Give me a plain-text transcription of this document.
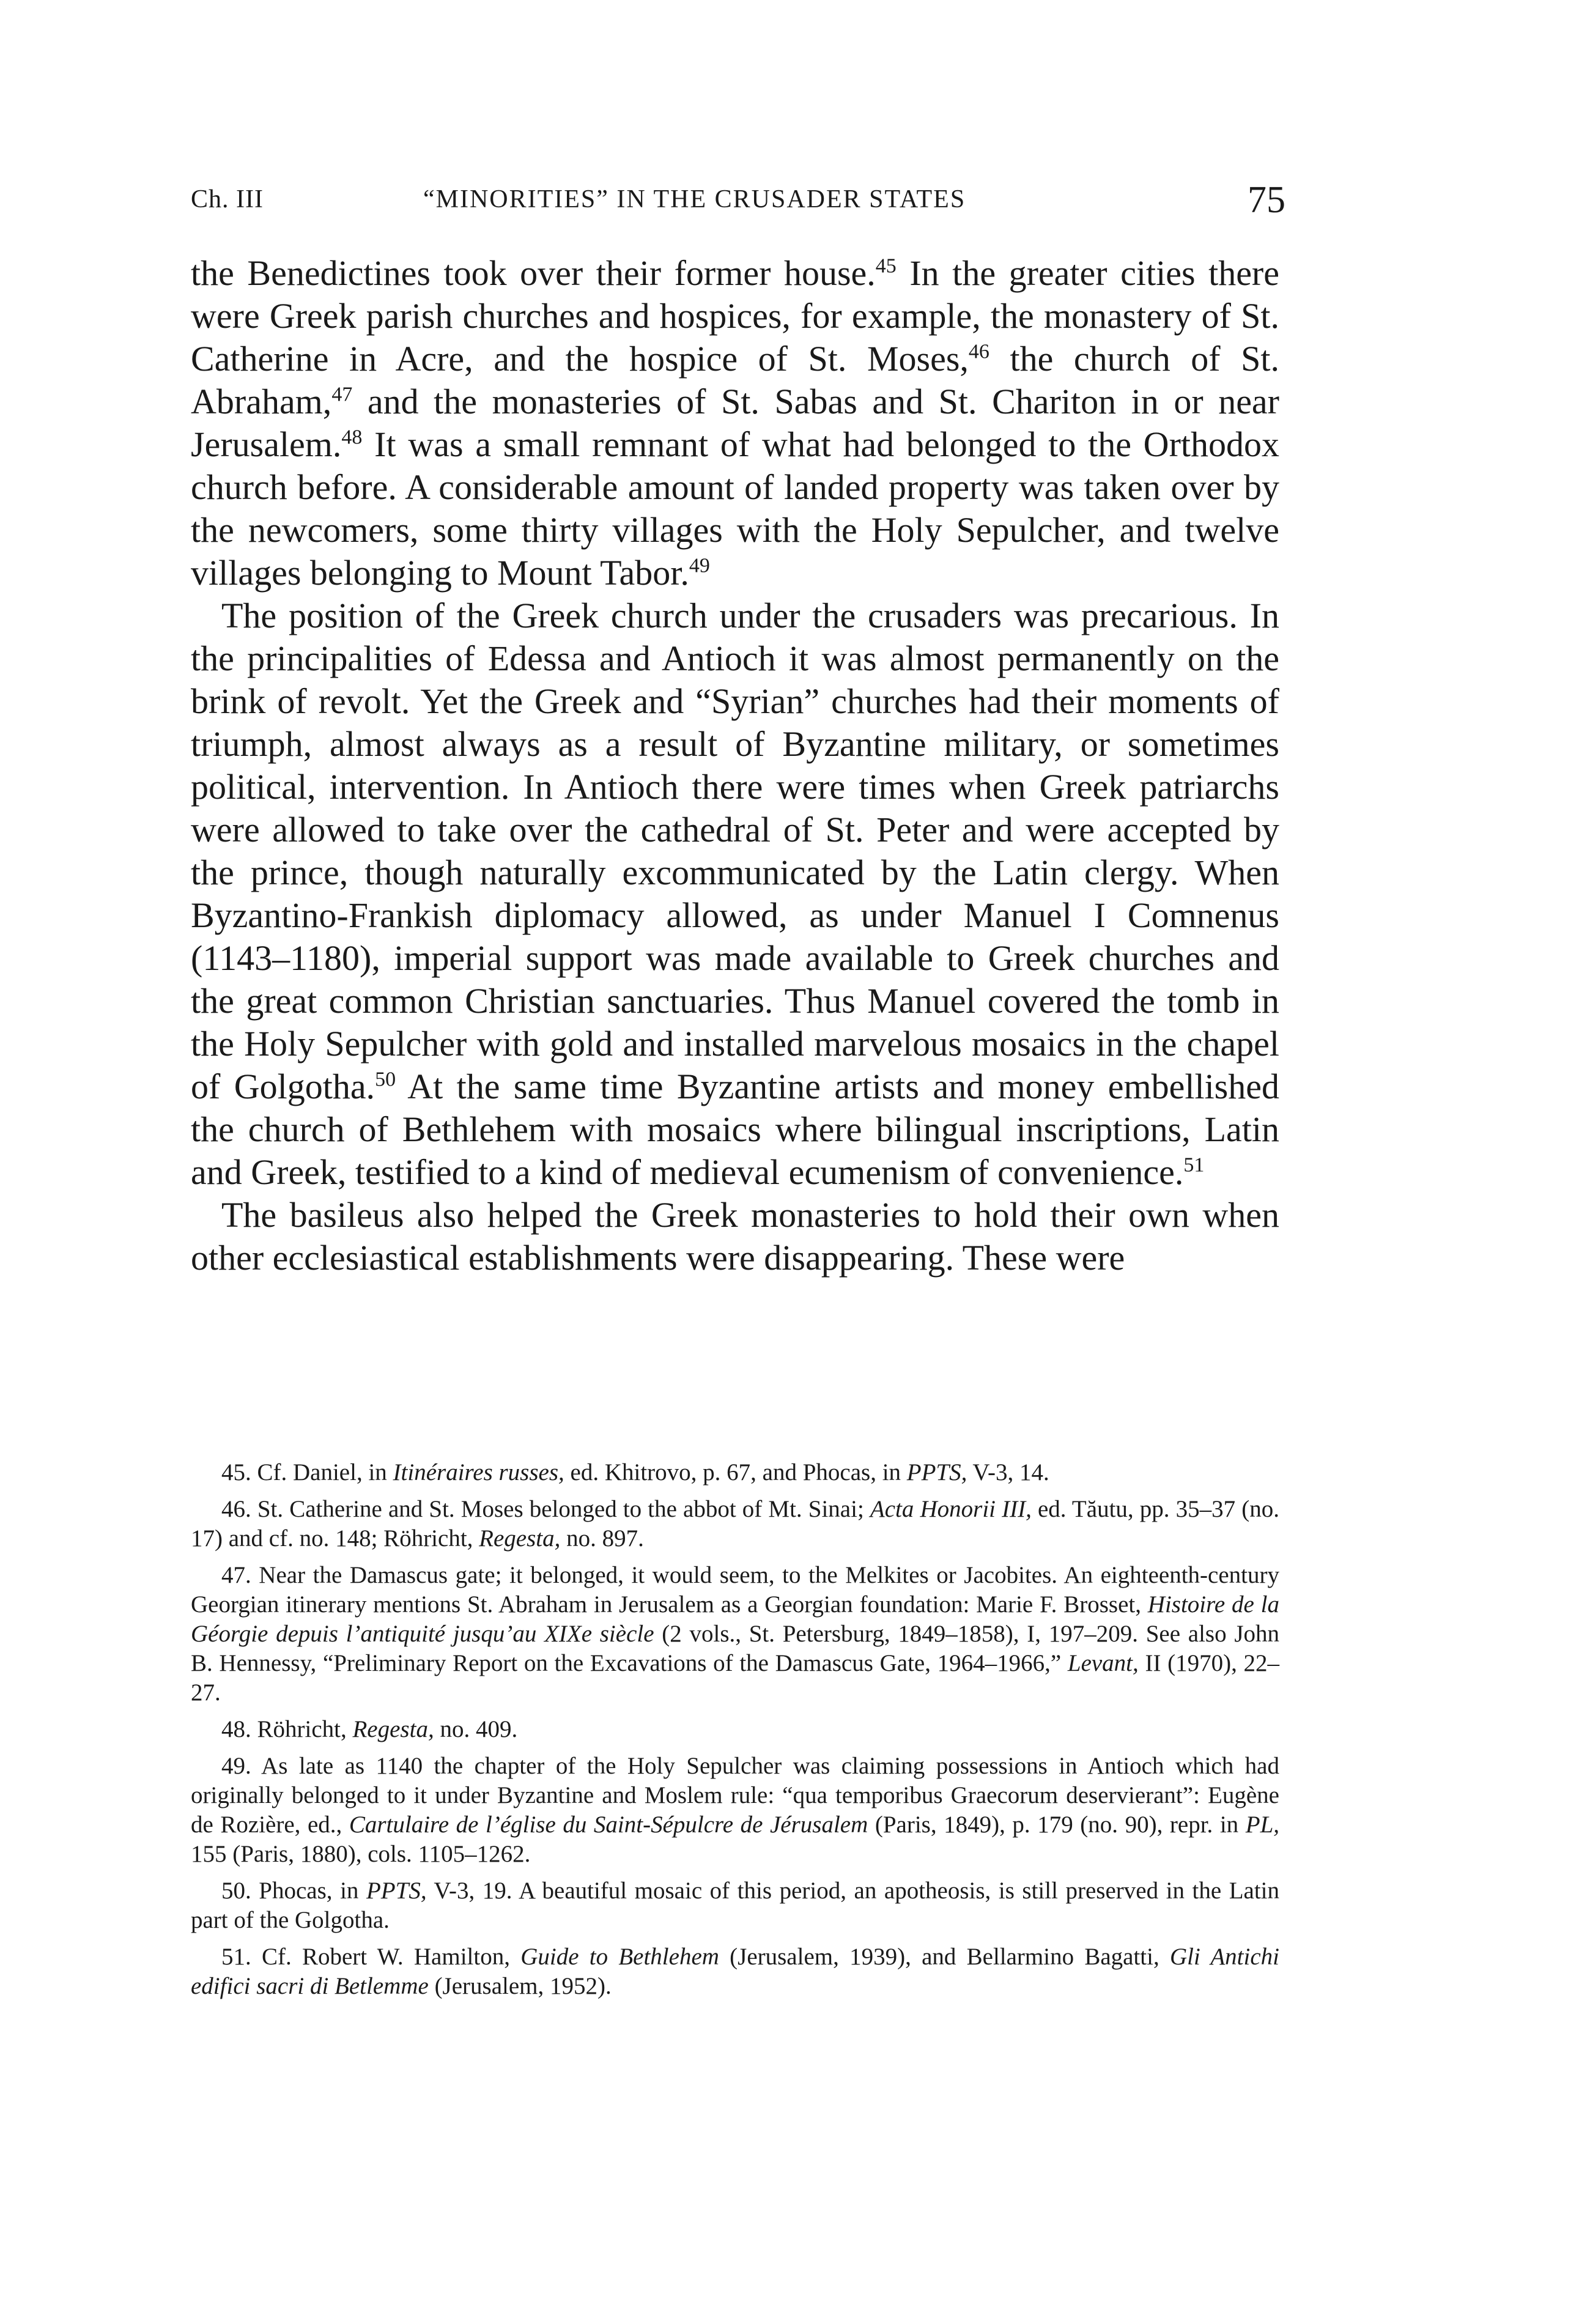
Ch. III	“MINORITIES” IN THE CRUSADER STATES	75

the Benedictines took over their former house.$^{45}$ In the greater cities there were Greek parish churches and hospices, for example, the monastery of St. Catherine in Acre, and the hospice of St. Moses,$^{46}$ the church of St. Abraham,$^{47}$ and the monasteries of St. Sabas and St. Chariton in or near Jerusalem.$^{48}$ It was a small remnant of what had belonged to the Orthodox church before. A considerable amount of landed property was taken over by the newcomers, some thirty villages with the Holy Sepulcher, and twelve villages belonging to Mount Tabor.$^{49}$

The position of the Greek church under the crusaders was precarious. In the principalities of Edessa and Antioch it was almost permanently on the brink of revolt. Yet the Greek and “Syrian” churches had their moments of triumph, almost always as a result of Byzantine military, or sometimes political, intervention. In Antioch there were times when Greek patriarchs were allowed to take over the cathedral of St. Peter and were accepted by the prince, though naturally excommunicated by the Latin clergy. When Byzantino-Frankish diplomacy allowed, as under Manuel I Comnenus (1143–1180), imperial support was made available to Greek churches and the great common Christian sanctuaries. Thus Manuel covered the tomb in the Holy Sepulcher with gold and installed marvelous mosaics in the chapel of Golgotha.$^{50}$ At the same time Byzantine artists and money embellished the church of Bethlehem with mosaics where bilingual inscriptions, Latin and Greek, testified to a kind of medieval ecumenism of convenience.$^{51}$

The basileus also helped the Greek monasteries to hold their own when other ecclesiastical establishments were disappearing. These were

45. Cf. Daniel, in Itinéraires russes, ed. Khitrovo, p. 67, and Phocas, in PPTS, V-3, 14.

46. St. Catherine and St. Moses belonged to the abbot of Mt. Sinai; Acta Honorii III, ed. Tăutu, pp. 35–37 (no. 17) and cf. no. 148; Röhricht, Regesta, no. 897.

47. Near the Damascus gate; it belonged, it would seem, to the Melkites or Jacobites. An eighteenth-century Georgian itinerary mentions St. Abraham in Jerusalem as a Georgian foundation: Marie F. Brosset, Histoire de la Géorgie depuis l’antiquité jusqu’au XIXe siècle (2 vols., St. Petersburg, 1849–1858), I, 197–209. See also John B. Hennessy, “Preliminary Report on the Excavations of the Damascus Gate, 1964–1966,” Levant, II (1970), 22–27.

48. Röhricht, Regesta, no. 409.

49. As late as 1140 the chapter of the Holy Sepulcher was claiming possessions in Antioch which had originally belonged to it under Byzantine and Moslem rule: “qua temporibus Graecorum deservierant”: Eugène de Rozière, ed., Cartulaire de l’église du Saint-Sépulcre de Jérusalem (Paris, 1849), p. 179 (no. 90), repr. in PL, 155 (Paris, 1880), cols. 1105–1262.

50. Phocas, in PPTS, V-3, 19. A beautiful mosaic of this period, an apotheosis, is still preserved in the Latin part of the Golgotha.

51. Cf. Robert W. Hamilton, Guide to Bethlehem (Jerusalem, 1939), and Bellarmino Bagatti, Gli Antichi edifici sacri di Betlemme (Jerusalem, 1952).
